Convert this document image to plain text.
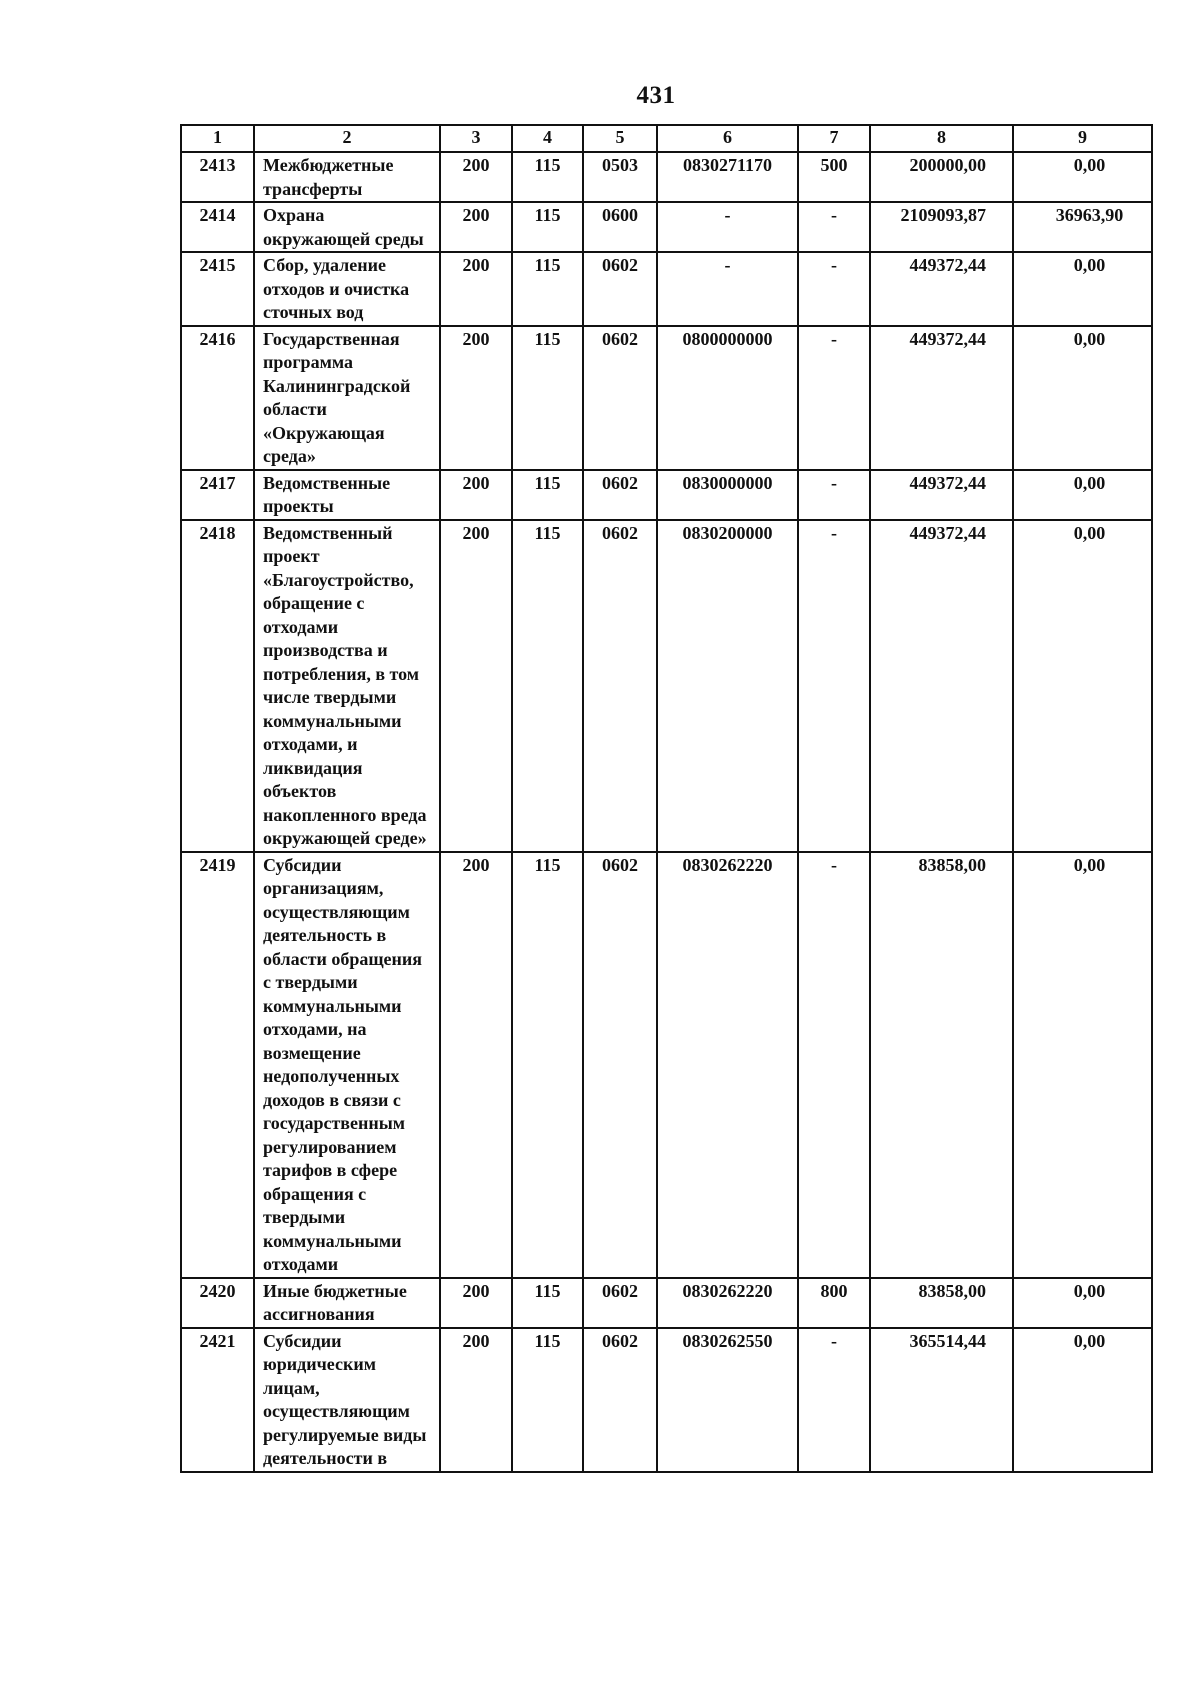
431
1	2	3	4	5	6	7	8	9
2413	Межбюджетные трансферты	200	115	0503	0830271170	500	200000,00	0,00
2414	Охрана окружающей среды	200	115	0600	-	-	2109093,87	36963,90
2415	Сбор, удаление отходов и очистка сточных вод	200	115	0602	-	-	449372,44	0,00
2416	Государственная программа Калининградской области «Окружающая среда»	200	115	0602	0800000000	-	449372,44	0,00
2417	Ведомственные проекты	200	115	0602	0830000000	-	449372,44	0,00
2418	Ведомственный проект «Благоустройство, обращение с отходами производства и потребления, в том числе твердыми коммунальными отходами, и ликвидация объектов накопленного вреда окружающей среде»	200	115	0602	0830200000	-	449372,44	0,00
2419	Субсидии организациям, осуществляющим деятельность в области обращения с твердыми коммунальными отходами, на возмещение недополученных доходов в связи с государственным регулированием тарифов в сфере обращения с твердыми коммунальными отходами	200	115	0602	0830262220	-	83858,00	0,00
2420	Иные бюджетные ассигнования	200	115	0602	0830262220	800	83858,00	0,00
2421	Субсидии юридическим лицам, осуществляющим регулируемые виды деятельности в	200	115	0602	0830262550	-	365514,44	0,00
